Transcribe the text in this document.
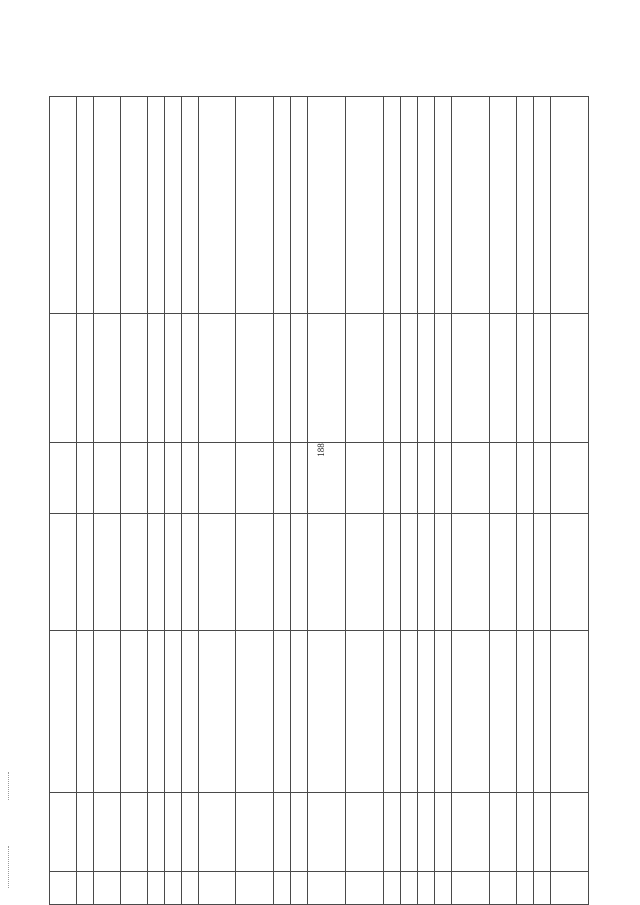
188
